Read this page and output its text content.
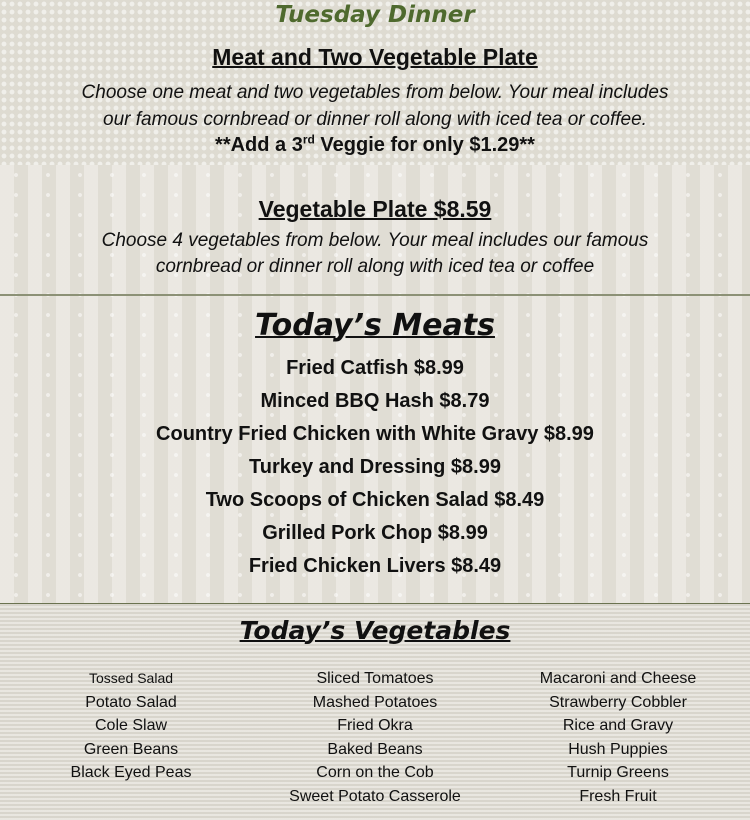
Tuesday Dinner
Meat and Two Vegetable Plate
Choose one meat and two vegetables from below. Your meal includes
our famous cornbread or dinner roll along with iced tea or coffee.
**Add a 3rd Veggie for only $1.29**
Vegetable Plate $8.59
Choose 4 vegetables from below. Your meal includes our famous
cornbread or dinner roll along with iced tea or coffee
Today’s Meats
Fried Catfish $8.99
Minced BBQ Hash $8.79
Country Fried Chicken with White Gravy $8.99
Turkey and Dressing $8.99
Two Scoops of Chicken Salad $8.49
Grilled Pork Chop $8.99
Fried Chicken Livers $8.49
Today’s Vegetables
Tossed Salad
Potato Salad
Cole Slaw
Green Beans
Black Eyed Peas
Sliced Tomatoes
Mashed Potatoes
Fried Okra
Baked Beans
Corn on the Cob
Sweet Potato Casserole
Macaroni and Cheese
Strawberry Cobbler
Rice and Gravy
Hush Puppies
Turnip Greens
Fresh Fruit
